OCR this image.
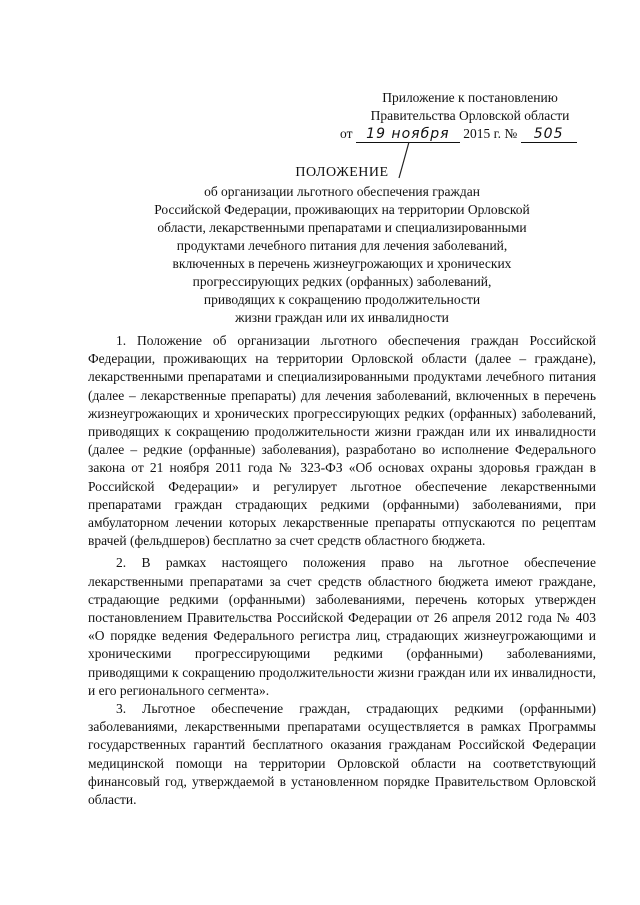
Приложение к постановлению
Правительства Орловской области
от 19 ноября 2015 г. № 505
ПОЛОЖЕНИЕ
об организации льготного обеспечения граждан
Российской Федерации, проживающих на территории Орловской
области, лекарственными препаратами и специализированными
продуктами лечебного питания для лечения заболеваний,
включенных в перечень жизнеугрожающих и хронических
прогрессирующих редких (орфанных) заболеваний,
приводящих к сокращению продолжительности
жизни граждан или их инвалидности

1. Положение об организации льготного обеспечения граждан Российской Федерации, проживающих на территории Орловской области (далее – граждане), лекарственными препаратами и специализированными продуктами лечебного питания (далее – лекарственные препараты) для лечения заболеваний, включенных в перечень жизнеугрожающих и хронических прогрессирующих редких (орфанных) заболеваний, приводящих к сокращению продолжительности жизни граждан или их инвалидности (далее – редкие (орфанные) заболевания), разработано во исполнение Федерального закона от 21 ноября 2011 года № 323-ФЗ «Об основах охраны здоровья граждан в Российской Федерации» и регулирует льготное обеспечение лекарственными препаратами граждан страдающих редкими (орфанными) заболеваниями, при амбулаторном лечении которых лекарственные препараты отпускаются по рецептам врачей (фельдшеров) бесплатно за счет средств областного бюджета.

2. В рамках настоящего положения право на льготное обеспечение лекарственными препаратами за счет средств областного бюджета имеют граждане, страдающие редкими (орфанными) заболеваниями, перечень которых утвержден постановлением Правительства Российской Федерации от 26 апреля 2012 года № 403 «О порядке ведения Федерального регистра лиц, страдающих жизнеугрожающими и хроническими прогрессирующими редкими (орфанными) заболеваниями, приводящими к сокращению продолжительности жизни граждан или их инвалидности, и его регионального сегмента».

3. Льготное обеспечение граждан, страдающих редкими (орфанными) заболеваниями, лекарственными препаратами осуществляется в рамках Программы государственных гарантий бесплатного оказания гражданам Российской Федерации медицинской помощи на территории Орловской области на соответствующий финансовый год, утверждаемой в установленном порядке Правительством Орловской области.
